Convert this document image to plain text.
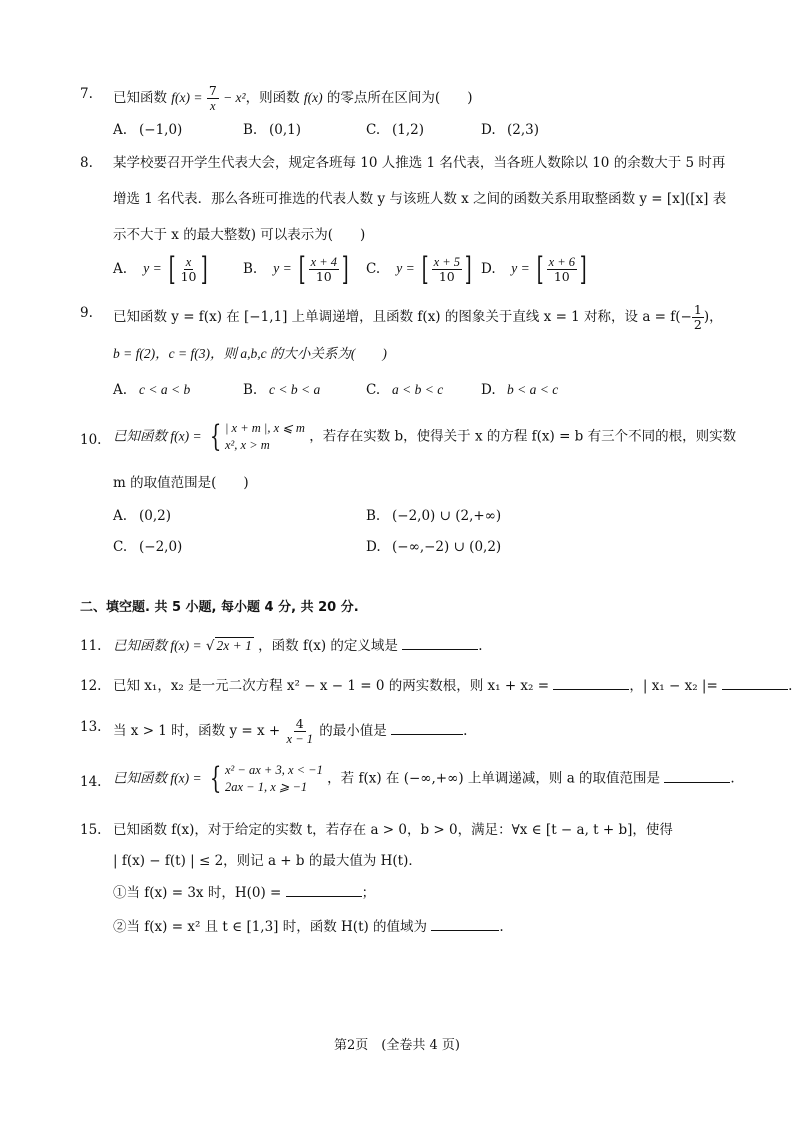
7. 已知函数 $f(x) = \frac{7}{x} - x^2$，则函数 f(x) 的零点所在区间为(　　)
A. (−1,0)	B. (0,1)	C. (1,2)	D. (2,3)
8. 某学校要召开学生代表大会，规定各班每 10 人推选 1 名代表，当各班人数除以 10 的余数大于 5 时再
增选 1 名代表．那么各班可推选的代表人数 y 与该班人数 x 之间的函数关系用取整函数 y = [x]([x] 表
示不大于 x 的最大整数) 可以表示为(　　)
A. y = [ $\frac{x}{10}$ ]	B. y = [ $\frac{x + 4}{10}$ ] C. y = [ $\frac{x + 5}{10}$ ] D. y = [ $\frac{x + 6}{10}$ ]
9. 已知函数 y = f(x) 在 [−1,1] 上单调递增，且函数 f(x) 的图象关于直线 x = 1 对称，设 $a = f(- \frac{1}{2}$ )，
b = f(2)，c = f(3)，则 a,b,c 的大小关系为(　　)
A. c < a < b	B. c < b < a	C. a < b < c	D. b < a < c
10. 已知函数 f(x) = { | x + m |, x ⩽ m
x², x > m
，若存在实数 b，使得关于 x 的方程 f(x) = b 有三个不同的根，则实数
m 的取值范围是(　　)
A. (0,2)	B. (−2,0) ∪ (2,+∞)
C. (−2,0)	D. (−∞,−2) ∪ (0,2)
二、填空题. 共 5 小题, 每小题 4 分, 共 20 分.
11. 已知函数 f(x) = √ 2x + 1 ，函数 f(x) 的定义域是	.
12. 已知 x₁，x₂ 是一元二次方程 x² − x − 1 = 0 的两实数根，则 x₁ + x₂ =	，| x₁ − x₂ |=	.
13. 当 x > 1 时，函数 $y = x + \frac{4}{x - 1}$ 的最小值是	.
14. 已知函数 f(x) = { x² − ax + 3, x < −1
2ax − 1, x ⩾ −1
，若 f(x) 在 (−∞,+∞) 上单调递减，则 a 的取值范围是	.
15. 已知函数 f(x)，对于给定的实数 t，若存在 a > 0，b > 0，满足：∀x ∈ [t − a, t + b]，使得
| f(x) − f(t) | ≤ 2，则记 a + b 的最大值为 H(t)．
①当 f(x) = 3x 时，H(0) =	；
②当 f(x) = x² 且 t ∈ [1,3] 时，函数 H(t) 的值域为	.
第2页　(全卷共 4 页)
